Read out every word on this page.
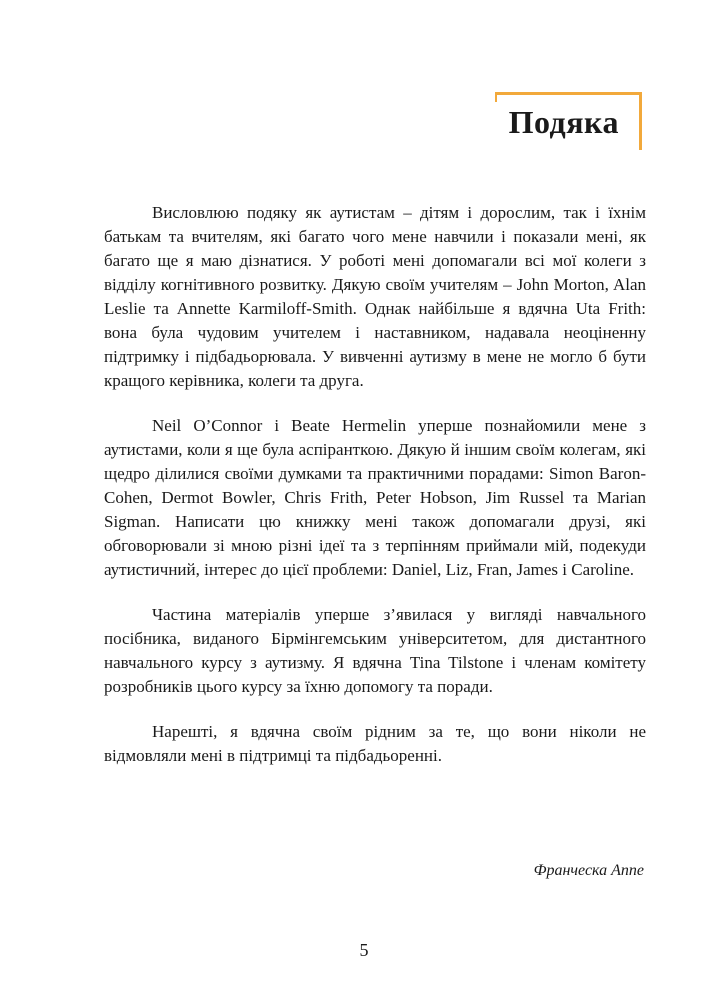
Подяка

Висловлюю подяку як аутистам – дітям і дорослим, так і їхнім батькам та вчителям, які багато чого мене навчили і показали мені, як багато ще я маю дізнатися. У роботі мені допомагали всі мої колеги з відділу когнітивного розвитку. Дякую своїм учителям – John Morton, Alan Leslie та Annette Karmiloff-Smith. Однак найбільше я вдячна Uta Frith: вона була чудовим учителем і наставником, надавала неоціненну підтримку і підбадьорювала. У вивченні аутизму в мене не могло б бути кращого керівника, колеги та друга.

Neil O’Connor і Beate Hermelin уперше познайомили мене з аутистами, коли я ще була аспіранткою. Дякую й іншим своїм колегам, які щедро ділилися своїми думками та практичними порадами: Simon Baron-Cohen, Dermot Bowler, Chris Frith, Peter Hobson, Jim Russel та Marian Sigman. Написати цю книжку мені також допомагали друзі, які обговорювали зі мною різні ідеї та з терпінням приймали мій, подекуди аутистичний, інтерес до цієї проблеми: Daniel, Liz, Fran, James і Caroline.

Частина матеріалів уперше з’явилася у вигляді навчального посібника, виданого Бірмінгемським університетом, для дистантного навчального курсу з аутизму. Я вдячна Tina Tilstone і членам комітету розробників цього курсу за їхню допомогу та поради.

Нарешті, я вдячна своїм рідним за те, що вони ніколи не відмовляли мені в підтримці та підбадьоренні.

Франческа Аппе
5
